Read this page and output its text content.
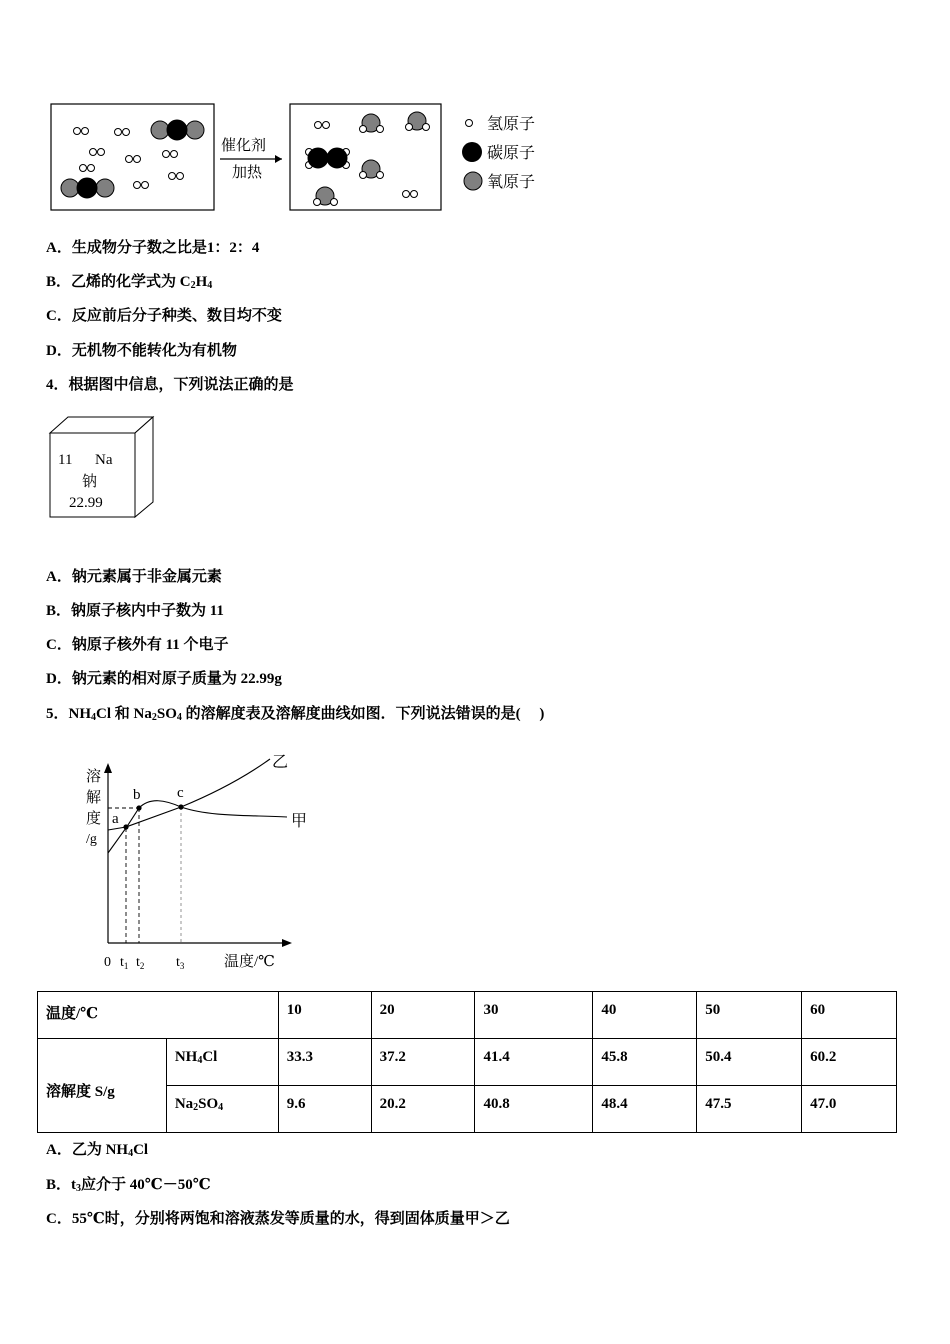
催化剂
加热
氢原子
碳原子
氧原子
A．生成物分子数之比是1：2：4
B．乙烯的化学式为 $C_2H_4$
C．反应前后分子种类、数目均不变
D．无机物不能转化为有机物
4．根据图中信息，下列说法正确的是
11 Na
钠
22.99
A．钠元素属于非金属元素
B．钠原子核内中子数为 11
C．钠原子核外有 11 个电子
D．钠元素的相对原子质量为 22.99g
5．$NH_4Cl$ 和 $Na_2SO_4$ 的溶解度表及溶解度曲线如图．下列说法错误的是(　 )
溶
解
度
/g
a
b c
乙
甲
0 $t_1$ $t_2$ $t_3$	温度/℃
温度/℃		10	20	30	40	50	60
溶解度 S/g	$NH_4Cl$	33.3	37.2	41.4	45.8	50.4	60.2
	$Na_2SO_4$	9.6	20.2	40.8	48.4	47.5	47.0
A．乙为 $NH_4Cl$
B．$t_3$应介于 40℃－50℃
C．55℃时，分别将两饱和溶液蒸发等质量的水，得到固体质量甲＞乙
